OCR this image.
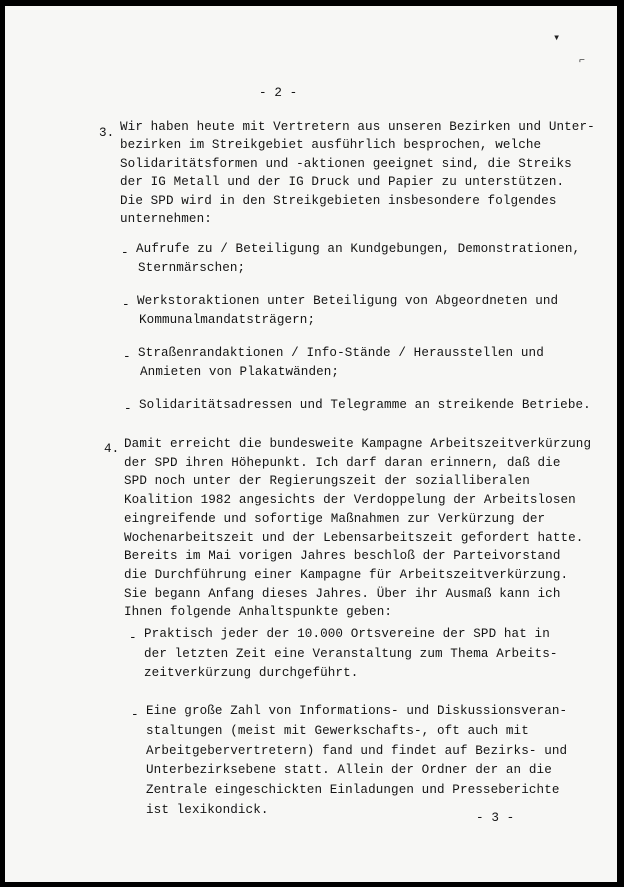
▾
⌐
- 2 -
3.

Wir haben heute mit Vertretern aus unseren Bezirken und Unter-

bezirken im Streikgebiet ausführlich besprochen, welche

Solidaritätsformen und -aktionen geeignet sind, die Streiks

der IG Metall und der IG Druck und Papier zu unterstützen.

Die SPD wird in den Streikgebieten insbesondere folgendes

unternehmen:

-

Aufrufe zu / Beteiligung an Kundgebungen, Demonstrationen,

Sternmärschen;

-

Werkstoraktionen unter Beteiligung von Abgeordneten und

Kommunalmandatsträgern;

-

Straßenrandaktionen / Info-Stände / Herausstellen und

Anmieten von Plakatwänden;

-

Solidaritätsadressen und Telegramme an streikende Betriebe.

4.

Damit erreicht die bundesweite Kampagne Arbeitszeitverkürzung

der SPD ihren Höhepunkt. Ich darf daran erinnern, daß die

SPD noch unter der Regierungszeit der sozialliberalen

Koalition 1982 angesichts der Verdoppelung der Arbeitslosen

eingreifende und sofortige Maßnahmen zur Verkürzung der

Wochenarbeitszeit und der Lebensarbeitszeit gefordert hatte.

Bereits im Mai vorigen Jahres beschloß der Parteivorstand

die Durchführung einer Kampagne für Arbeitszeitverkürzung.

Sie begann Anfang dieses Jahres. Über ihr Ausmaß kann ich

Ihnen folgende Anhaltspunkte geben:

-

Praktisch jeder der 10.000 Ortsvereine der SPD hat in

der letzten Zeit eine Veranstaltung zum Thema Arbeits-

zeitverkürzung durchgeführt.

-

Eine große Zahl von Informations- und Diskussionsveran-

staltungen (meist mit Gewerkschafts-, oft auch mit

Arbeitgebervertretern) fand und findet auf Bezirks- und

Unterbezirksebene statt. Allein der Ordner der an die

Zentrale eingeschickten Einladungen und Presseberichte

ist lexikondick.

- 3 -
